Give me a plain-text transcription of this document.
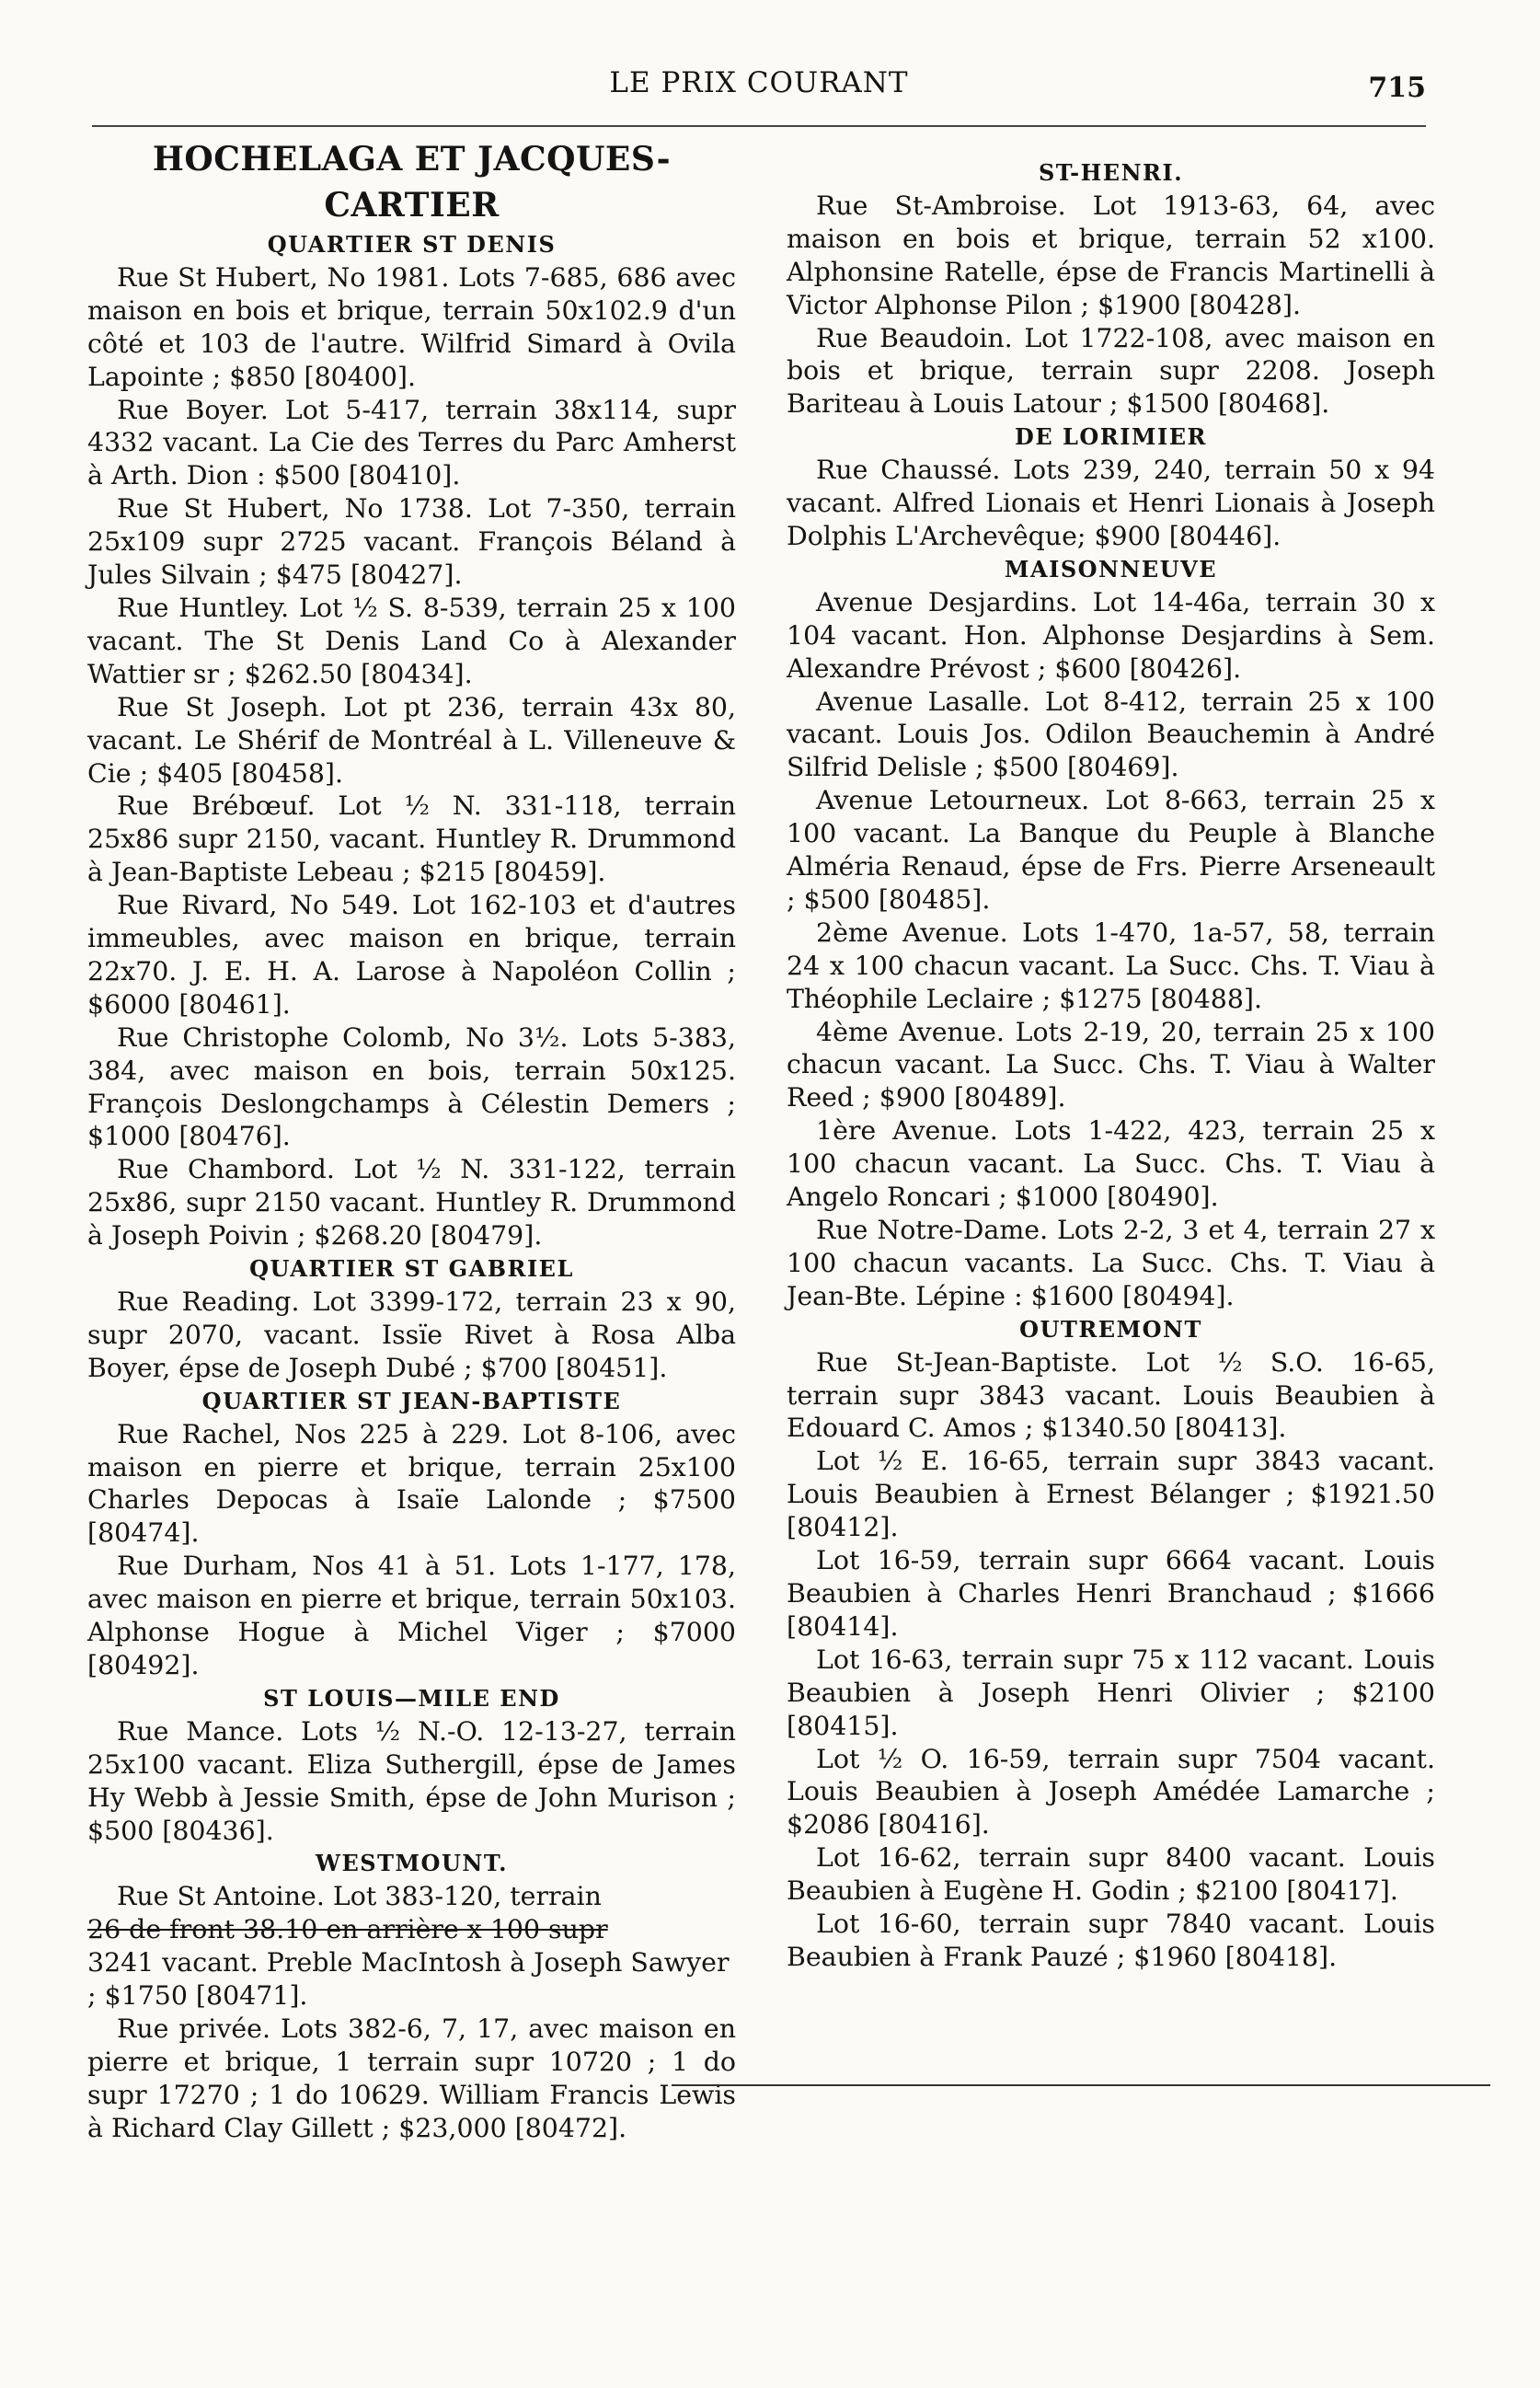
LE PRIX COURANT	715
HOCHELAGA ET JACQUES-CARTIER
QUARTIER ST DENIS
Rue St Hubert, No 1981. Lots 7-685, 686 avec maison en bois et brique, terrain 50x102.9 d'un côté et 103 de l'autre. Wilfrid Simard à Ovila Lapointe ; $850 [80400].
Rue Boyer. Lot 5-417, terrain 38x114, supr 4332 vacant. La Cie des Terres du Parc Amherst à Arth. Dion : $500 [80410].
Rue St Hubert, No 1738. Lot 7-350, terrain 25x109 supr 2725 vacant. François Béland à Jules Silvain ; $475 [80427].
Rue Huntley. Lot ½ S. 8-539, terrain 25 x 100 vacant. The St Denis Land Co à Alexander Wattier sr ; $262.50 [80434].
Rue St Joseph. Lot pt 236, terrain 43x 80, vacant. Le Shérif de Montréal à L. Villeneuve & Cie ; $405 [80458].
Rue Brébœuf. Lot ½ N. 331-118, terrain 25x86 supr 2150, vacant. Huntley R. Drummond à Jean-Baptiste Lebeau ; $215 [80459].
Rue Rivard, No 549. Lot 162-103 et d'autres immeubles, avec maison en brique, terrain 22x70. J. E. H. A. Larose à Napoléon Collin ; $6000 [80461].
Rue Christophe Colomb, No 3½. Lots 5-383, 384, avec maison en bois, terrain 50x125. François Deslongchamps à Célestin Demers ; $1000 [80476].
Rue Chambord. Lot ½ N. 331-122, terrain 25x86, supr 2150 vacant. Huntley R. Drummond à Joseph Poivin ; $268.20 [80479].
QUARTIER ST GABRIEL
Rue Reading. Lot 3399-172, terrain 23 x 90, supr 2070, vacant. Issïe Rivet à Rosa Alba Boyer, épse de Joseph Dubé ; $700 [80451].
QUARTIER ST JEAN-BAPTISTE
Rue Rachel, Nos 225 à 229. Lot 8-106, avec maison en pierre et brique, terrain 25x100 Charles Depocas à Isaïe Lalonde ; $7500 [80474].
Rue Durham, Nos 41 à 51. Lots 1-177, 178, avec maison en pierre et brique, terrain 50x103. Alphonse Hogue à Michel Viger ; $7000 [80492].
ST LOUIS—MILE END
Rue Mance. Lots ½ N.-O. 12-13-27, terrain 25x100 vacant. Eliza Suthergill, épse de James Hy Webb à Jessie Smith, épse de John Murison ; $500 [80436].
WESTMOUNT.
Rue St Antoine. Lot 383-120, terrain
26 de front 38.10 en arrière x 100 supr
3241 vacant. Preble MacIntosh à Joseph Sawyer ; $1750 [80471].
Rue privée. Lots 382-6, 7, 17, avec maison en pierre et brique, 1 terrain supr 10720 ; 1 do supr 17270 ; 1 do 10629. William Francis Lewis à Richard Clay Gillett ; $23,000 [80472].
ST-HENRI.
Rue St-Ambroise. Lot 1913-63, 64, avec maison en bois et brique, terrain 52 x100. Alphonsine Ratelle, épse de Francis Martinelli à Victor Alphonse Pilon ; $1900 [80428].
Rue Beaudoin. Lot 1722-108, avec maison en bois et brique, terrain supr 2208. Joseph Bariteau à Louis Latour ; $1500 [80468].
DE LORIMIER
Rue Chaussé. Lots 239, 240, terrain 50 x 94 vacant. Alfred Lionais et Henri Lionais à Joseph Dolphis L'Archevêque; $900 [80446].
MAISONNEUVE
Avenue Desjardins. Lot 14-46a, terrain 30 x 104 vacant. Hon. Alphonse Desjardins à Sem. Alexandre Prévost ; $600 [80426].
Avenue Lasalle. Lot 8-412, terrain 25 x 100 vacant. Louis Jos. Odilon Beauchemin à André Silfrid Delisle ; $500 [80469].
Avenue Letourneux. Lot 8-663, terrain 25 x 100 vacant. La Banque du Peuple à Blanche Alméria Renaud, épse de Frs. Pierre Arseneault ; $500 [80485].
2ème Avenue. Lots 1-470, 1a-57, 58, terrain 24 x 100 chacun vacant. La Succ. Chs. T. Viau à Théophile Leclaire ; $1275 [80488].
4ème Avenue. Lots 2-19, 20, terrain 25 x 100 chacun vacant. La Succ. Chs. T. Viau à Walter Reed ; $900 [80489].
1ère Avenue. Lots 1-422, 423, terrain 25 x 100 chacun vacant. La Succ. Chs. T. Viau à Angelo Roncari ; $1000 [80490].
Rue Notre-Dame. Lots 2-2, 3 et 4, terrain 27 x 100 chacun vacants. La Succ. Chs. T. Viau à Jean-Bte. Lépine : $1600 [80494].
OUTREMONT
Rue St-Jean-Baptiste. Lot ½ S.O. 16-65, terrain supr 3843 vacant. Louis Beaubien à Edouard C. Amos ; $1340.50 [80413].
Lot ½ E. 16-65, terrain supr 3843 vacant. Louis Beaubien à Ernest Bélanger ; $1921.50 [80412].
Lot 16-59, terrain supr 6664 vacant. Louis Beaubien à Charles Henri Branchaud ; $1666 [80414].
Lot 16-63, terrain supr 75 x 112 vacant. Louis Beaubien à Joseph Henri Olivier ; $2100 [80415].
Lot ½ O. 16-59, terrain supr 7504 vacant. Louis Beaubien à Joseph Amédée Lamarche ; $2086 [80416].
Lot 16-62, terrain supr 8400 vacant. Louis Beaubien à Eugène H. Godin ; $2100 [80417].
Lot 16-60, terrain supr 7840 vacant. Louis Beaubien à Frank Pauzé ; $1960 [80418].
